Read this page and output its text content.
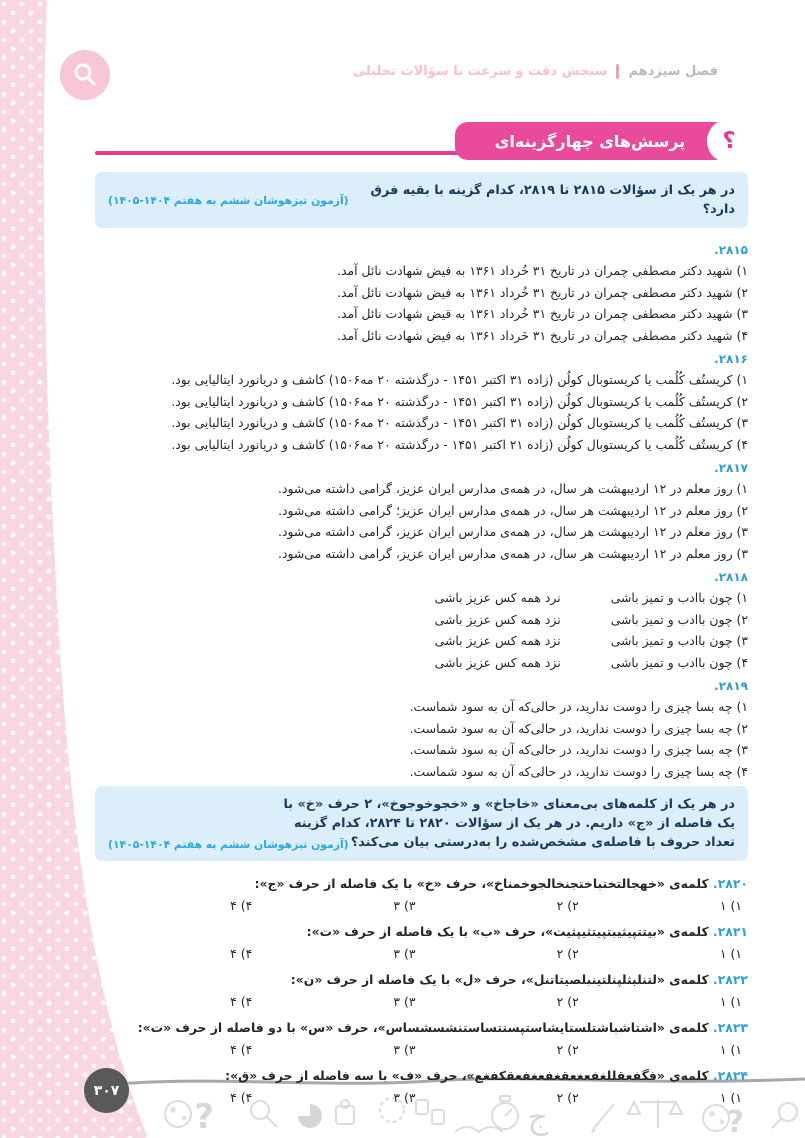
فصل سیزدهم
سنجش دقت و سرعت با سؤالات تحلیلی
پرسش‌های چهارگزینه‌ای	؟
در هر یک از سؤالات ۲۸۱۵ تا ۲۸۱۹، کدام گزینه با بقیه فرق دارد؟
(آزمون تیزهوشان ششم به هفتم ۱۴۰۴-۱۴۰۵)
۲۸۱۵.
۱) شهید دکتر مصطفی چمران در تاریخ ۳۱ خُرداد ۱۳۶۱ به فیض شهادت نائل آمد.
۲) شهید دکتر مصطفی چمران در تاریخ ۳۱ خُرداد ۱۳۶۱ به فیض شهادت نائل آمد.
۳) شهید دکتر مصطفی چمران در تاریخ ۳۱ خُرداد ۱۳۶۱ به قیض شهادت نائل آمد.
۴) شهید دکتر مصطفی چمران در تاریخ ۳۱ خَرداد ۱۳۶۱ به فیض شهادت نائل آمد.
۲۸۱۶.
۱) کریستُف کُلُمب یا کریستوبال کولُن (زاده ۳۱ اکتبر ۱۴۵۱ - درگذشته ۲۰ مه۱۵۰۶) کاشف و دریانورد ایتالیایی بود.
۲) کریستُف کُلُمب یا کریستوبال کولُن (زاده ۳۱ اکتبر ۱۴۵۱ - درگذشته ۲۰ مه۱۵۰۶) کاشف و دریانورد ایتالیایی بود.
۳) کریستُف کُلُمب یا کریستوبال کولُن (زاده ۳۱ اکتبر ۱۴۵۱ - درگذشته ۲۰ مه۱۵۰۶) کاشف و دریانورد ایتالیایی بود.
۴) کریستُف کُلُمب یا کریستوبال کولُن (زاده ۲۱ اکتبر ۱۴۵۱ - درگذشته ۲۰ مه۱۵۰۶) کاشف و دریانورد ایتالیایی بود.
۲۸۱۷.
۱) روز معلم در ۱۲ اردیبهشت هر سال، در همه‌ی مدارس ایران عزیز، گرامی داشته می‌شود.
۲) روز معلم در ۱۲ اردیبهشت هر سال، در همه‌ی مدارس ایران عزیز؛ گرامی داشته می‌شود.
۳) روز معلم در ۱۲ اردیبهشت هر سال، در همه‌ی مدارس ایران عزیز، گرامی داشته می‌شود.
۳) روز معلم در ۱۲ اردیبهشت هر سال، در همه‌ی مدارس ایران عزیز، گرامی داشته می‌شود.
۲۸۱۸.
۱) چون باادب و تمیز باشی
نرد همه کس عزیز باشی
۲) چون باادب و تمیز باشی
نزد همه کس عزیز باشی
۳) چون باادب و تمیز باشی
نزد همه کس عزیز باشی
۴) چون باادب و تمیز باشی
نزد همه کس عزیز باشی
۲۸۱۹.
۱) چه بسا چیزی را دوست ندارید، در حالی‌که آن به سود شماست.
۲) چه بسا چیزی را دوست ندارید، در حالی‌که آن به سود شماست.
۳) چه بسا چبزی را دوست ندارید، در حالی‌که آن به سود شماست.
۴) چه بسا چیزی را دوست ندارید، در حالی‌که آن به سود شماست.
در هر یک از کلمه‌های بی‌معنای «خاجاخ» و «خجوخوجوخ»، ۲ حرف «خ» با یک فاصله از «ج» داریم. در هر یک از سؤالات ۲۸۲۰ تا ۲۸۲۴، کدام گزینه تعداد حروف با فاصله‌ی مشخص‌شده را به‌درستی بیان می‌کند؟
(آزمون تیزهوشان ششم به هفتم ۱۴۰۴-۱۴۰۵)
۲۸۲۰. کلمه‌ی «خهجالتختباختجنخالجوخمناخ»، حرف «خ» با یک فاصله از حرف «ج»:
۱) ۱
۲) ۲
۳) ۳
۴) ۴
۲۸۲۱. کلمه‌ی «بیتتپیثیبتپیتثیپثیت»، حرف «ب» با یک فاصله از حرف «ت»:
۱) ۱
۲) ۲
۳) ۳
۴) ۴
۲۸۲۲. کلمه‌ی «لتنلبثلپنلتینبلصیتاتنل»، حرف «ل» با یک فاصله از حرف «ن»:
۱) ۱
۲) ۲
۳) ۳
۴) ۴
۲۸۲۳. کلمه‌ی «اشتاشباشتلستایشاستپستتساستنشسشساس»، حرف «س» با دو فاصله از حرف «ت»:
۱) ۱
۲) ۲
۳) ۳
۴) ۴
۲۸۲۴. کلمه‌ی «فگفعقللغفعغعقغفعغفعقکفغع»، حرف «ف» با سه فاصله از حرف «ق»:
۱) ۱
۲) ۲
۳) ۳
۴) ۴
?	?
ج
۳۰۷
